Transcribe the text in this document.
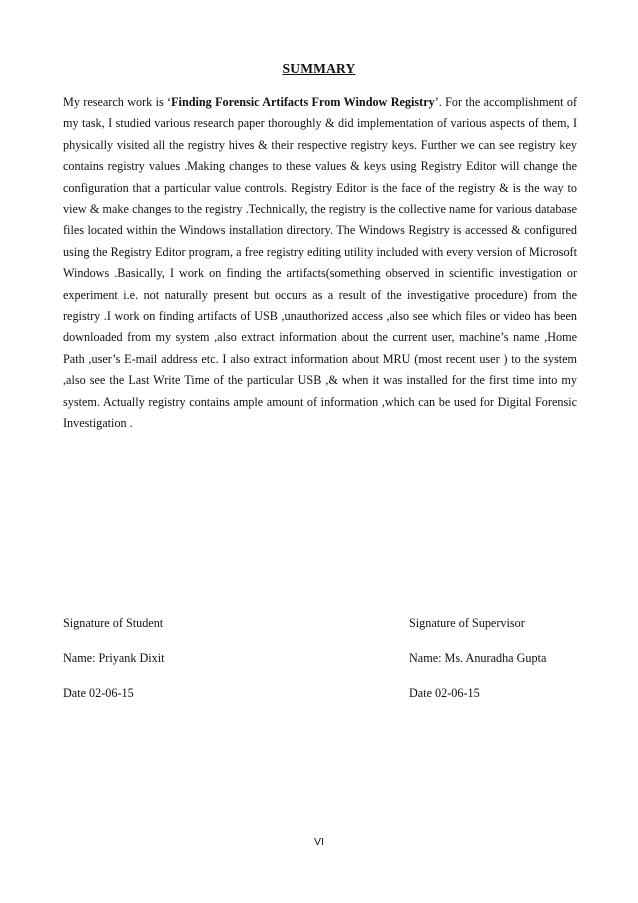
SUMMARY

My research work is ‘Finding Forensic Artifacts From Window Registry’. For the accomplishment of my task, I studied various research paper thoroughly & did implementation of various aspects of them, I physically visited all the registry hives & their respective registry keys. Further we can see registry key contains registry values .Making changes to these values & keys using Registry Editor will change the configuration that a particular value controls. Registry Editor is the face of the registry & is the way to view & make changes to the registry .Technically, the registry is the collective name for various database files located within the Windows installation directory. The Windows Registry is accessed & configured using the Registry Editor program, a free registry editing utility included with every version of Microsoft Windows .Basically, I work on finding the artifacts(something observed in scientific investigation or experiment i.e. not naturally present but occurs as a result of the investigative procedure) from the registry .I work on finding artifacts of USB ,unauthorized access ,also see which files or video has been downloaded from my system ,also extract information about the current user, machine’s name ,Home Path ,user’s E-mail address etc. I also extract information about MRU (most recent user ) to the system ,also see the Last Write Time of the particular USB ,& when it was installed for the first time into my system. Actually registry contains ample amount of information ,which can be used for Digital Forensic Investigation .

Signature of Student
Name: Priyank Dixit
Date 02-06-15
Signature of Supervisor
Name: Ms. Anuradha Gupta
Date 02-06-15
VI
